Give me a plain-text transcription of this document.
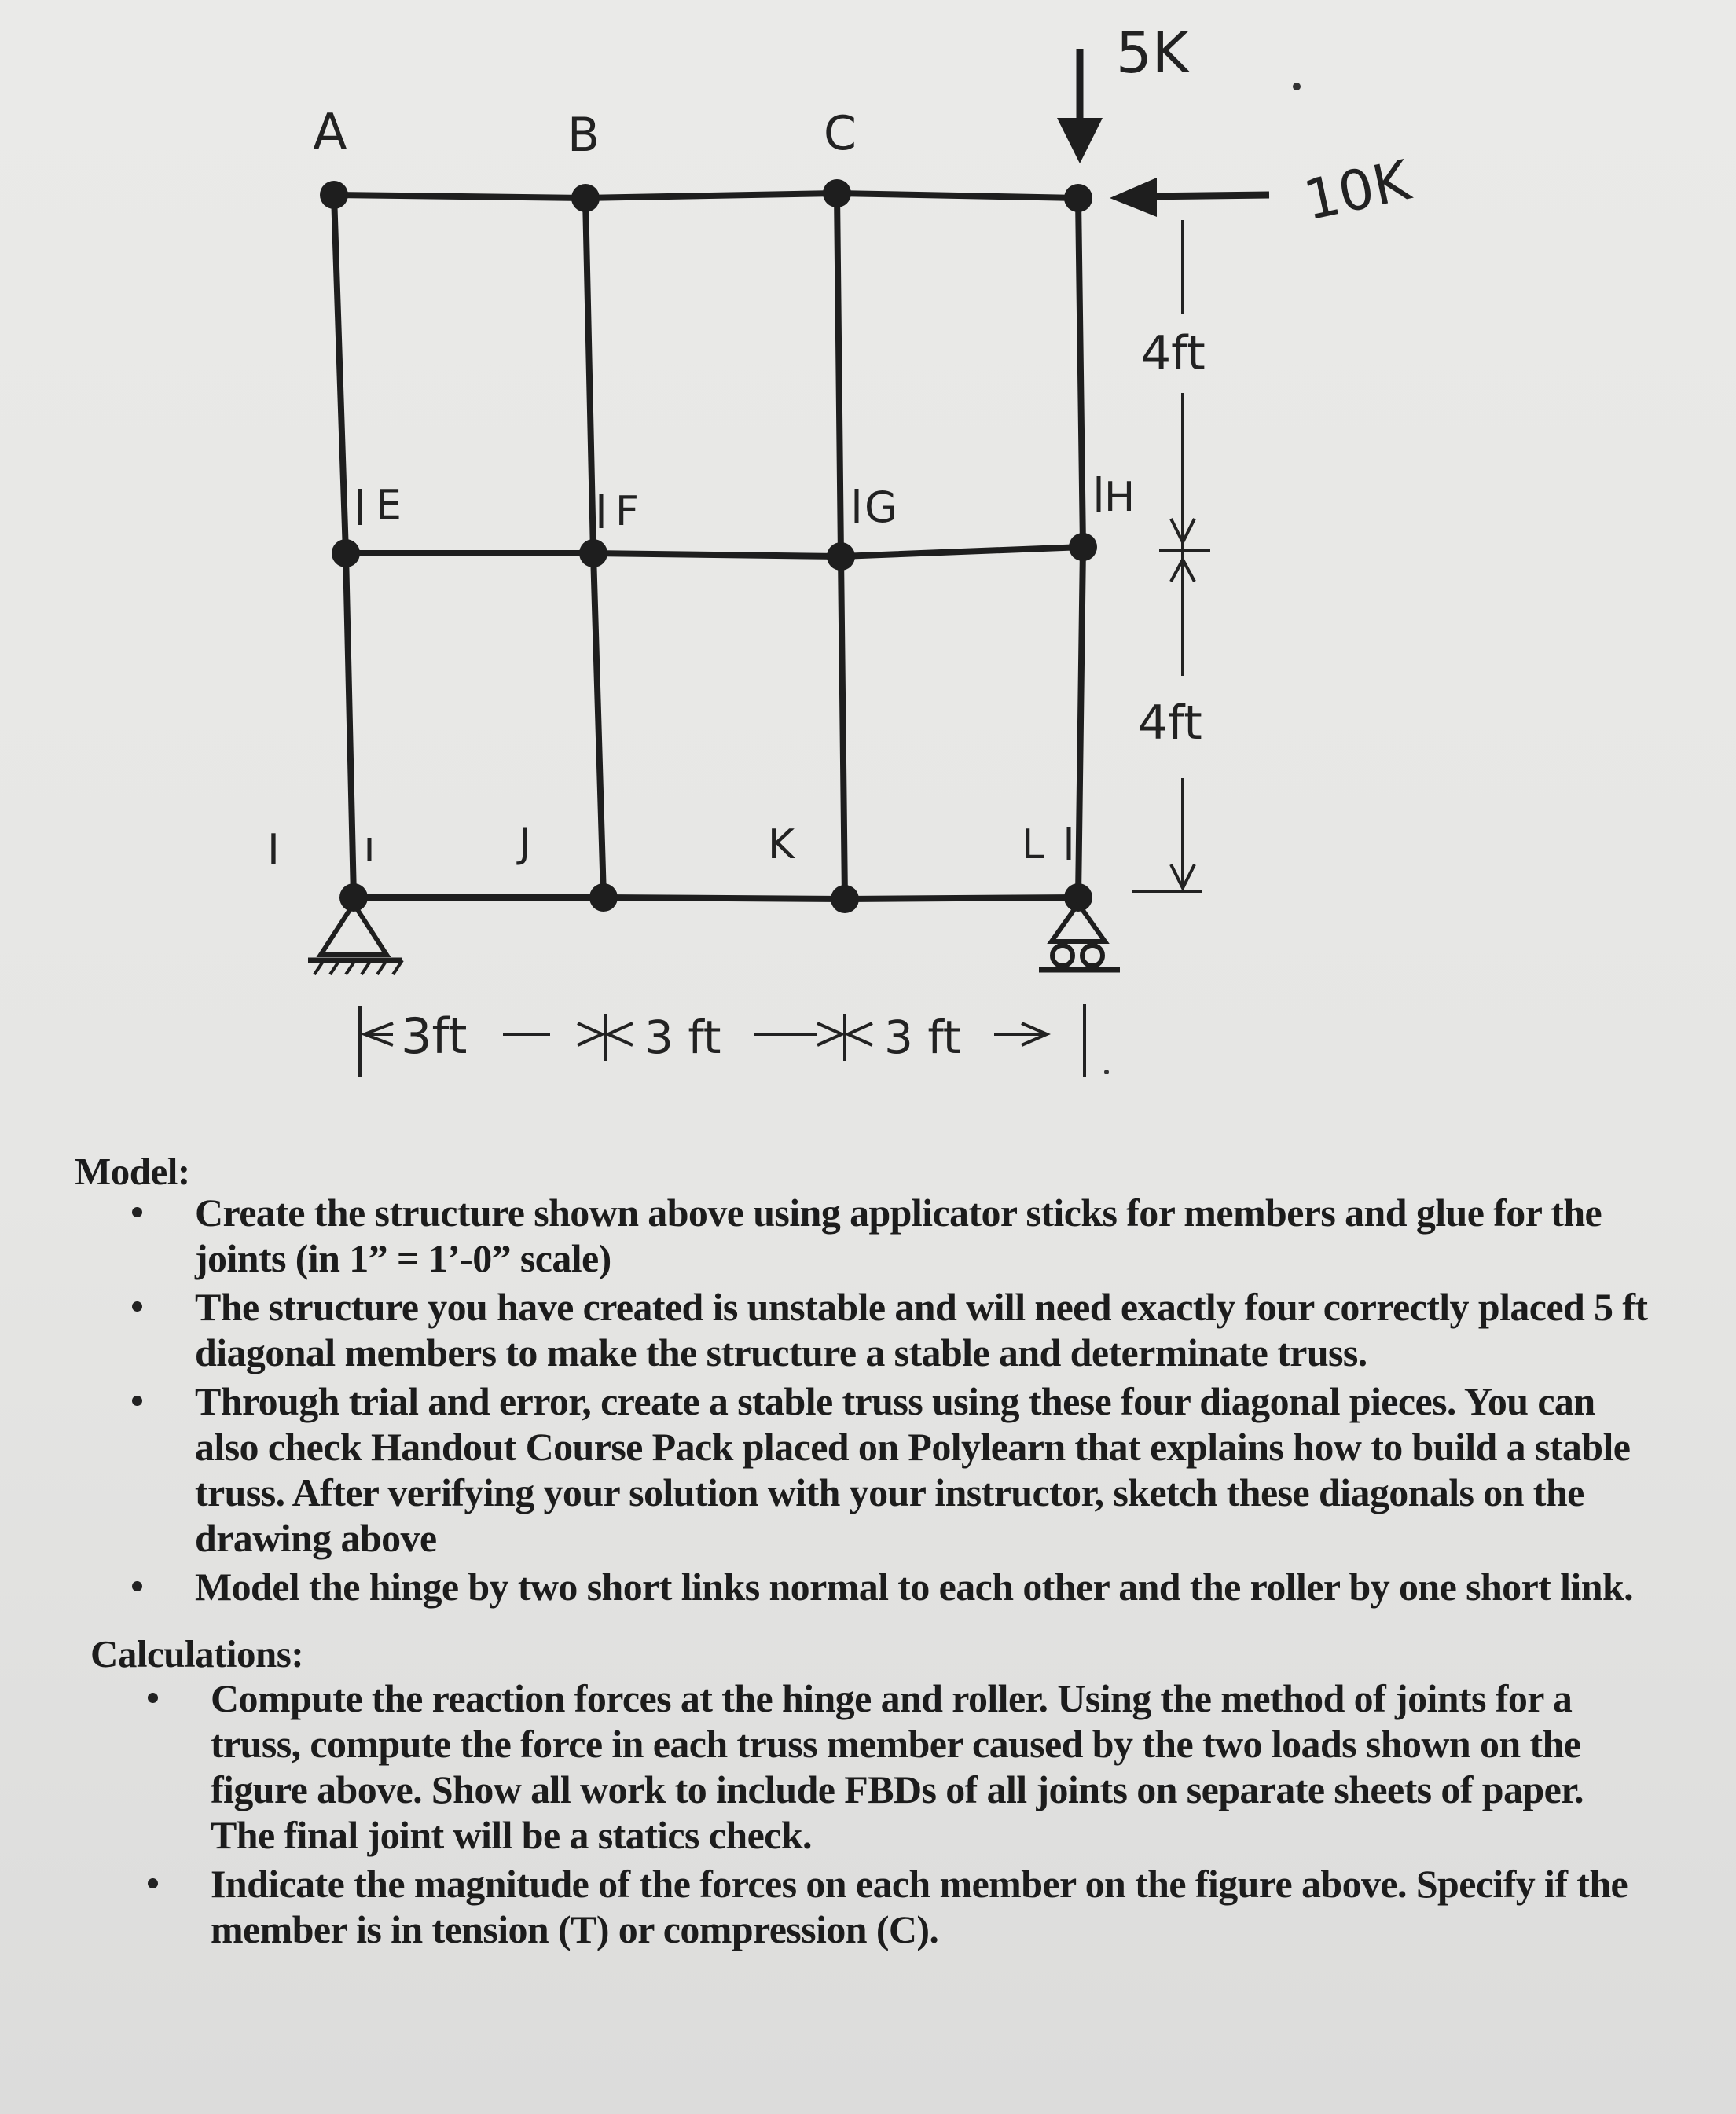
A	B	C
E	F	G	H
I	J	K	L
5K
10K
4ft
4ft
3ft	3 ft	3 ft
Model:
Create the structure shown above using applicator sticks for members and glue for the joints (in 1” = 1’-0” scale)
The structure you have created is unstable and will need exactly four correctly placed 5 ft diagonal members to make the structure a stable and determinate truss.
Through trial and error, create a stable truss using these four diagonal pieces. You can also check Handout Course Pack placed on Polylearn that explains how to build a stable truss. After verifying your solution with your instructor, sketch these diagonals on the drawing above
Model the hinge by two short links normal to each other and the roller by one short link.
Calculations:
Compute the reaction forces at the hinge and roller. Using the method of joints for a truss, compute the force in each truss member caused by the two loads shown on the figure above. Show all work to include FBDs of all joints on separate sheets of paper. The final joint will be a statics check.
Indicate the magnitude of the forces on each member on the figure above. Specify if the member is in tension (T) or compression (C).
